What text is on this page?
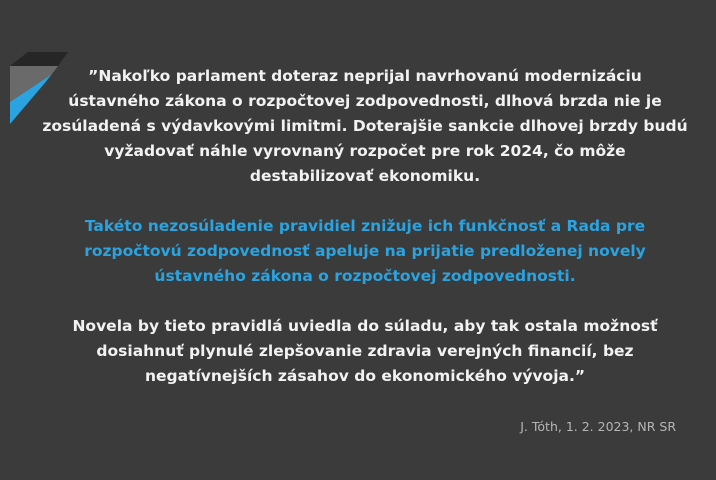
”Nakoľko parlament doteraz neprijal navrhovanú modernizáciu

ústavného zákona o rozpočtovej zodpovednosti, dlhová brzda nie je

zosúladená s výdavkovými limitmi. Doterajšie sankcie dlhovej brzdy budú

vyžadovať náhle vyrovnaný rozpočet pre rok 2024, čo môže

destabilizovať ekonomiku.

Takéto nezosúladenie pravidiel znižuje ich funkčnosť a Rada pre

rozpočtovú zodpovednosť apeluje na prijatie predloženej novely

ústavného zákona o rozpočtovej zodpovednosti.

Novela by tieto pravidlá uviedla do súladu, aby tak ostala možnosť

dosiahnuť plynulé zlepšovanie zdravia verejných financií, bez

negatívnejších zásahov do ekonomického vývoja.”

J. Tóth, 1. 2. 2023, NR SR
